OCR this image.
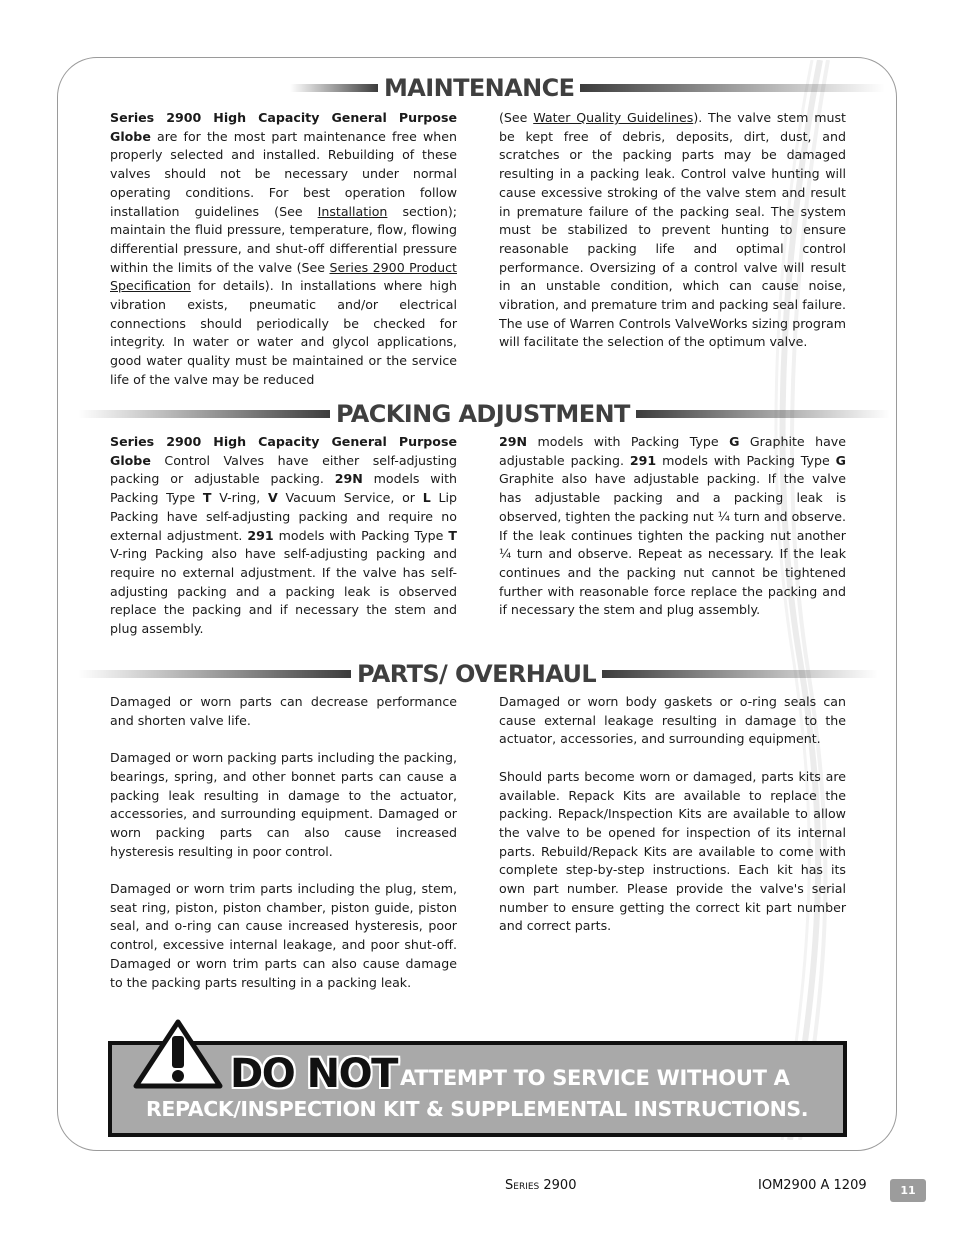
MAINTENANCE

Series 2900 High Capacity General Purpose Globe are for the most part maintenance free when properly selected and installed. Rebuilding of these valves should not be necessary under normal operating conditions. For best operation follow installation guidelines (See Installation section); maintain the fluid pressure, temperature, flow, flowing differential pressure, and shut-off differential pressure within the limits of the valve (See Series 2900 Product Specification for details). In installations where high vibration exists, pneumatic and/or electrical connections should periodically be checked for integrity. In water or water and glycol applications, good water quality must be maintained or the service life of the valve may be reduced

(See Water Quality Guidelines). The valve stem must be kept free of debris, deposits, dirt, dust, and scratches or the packing parts may be damaged resulting in a packing leak. Control valve hunting will cause excessive stroking of the valve stem and result in premature failure of the packing seal. The system must be stabilized to prevent hunting to ensure reasonable packing life and optimal control performance. Oversizing of a control valve will result in an unstable condition, which can cause noise, vibration, and premature trim and packing seal failure. The use of Warren Controls ValveWorks sizing program will facilitate the selection of the optimum valve.

PACKING ADJUSTMENT

Series 2900 High Capacity General Purpose Globe Control Valves have either self-adjusting packing or adjustable packing. 29N models with Packing Type T V-ring, V Vacuum Service, or L Lip Packing have self-adjusting packing and require no external adjustment. 291 models with Packing Type T V-ring Packing also have self-adjusting packing and require no external adjustment. If the valve has self-adjusting packing and a packing leak is observed replace the packing and if necessary the stem and plug assembly.

29N models with Packing Type G Graphite have adjustable packing. 291 models with Packing Type G Graphite also have adjustable packing. If the valve has adjustable packing and a packing leak is observed, tighten the packing nut ¼ turn and observe. If the leak continues tighten the packing nut another ¼ turn and observe. Repeat as necessary. If the leak continues and the packing nut cannot be tightened further with reasonable force replace the packing and if necessary the stem and plug assembly.

PARTS/ OVERHAUL

Damaged or worn parts can decrease performance and shorten valve life.

Damaged or worn packing parts including the packing, bearings, spring, and other bonnet parts can cause a packing leak resulting in damage to the actuator, accessories, and surrounding equipment. Damaged or worn packing parts can also cause increased hysteresis resulting in poor control.

Damaged or worn trim parts including the plug, stem, seat ring, piston, piston chamber, piston guide, piston seal, and o-ring can cause increased hysteresis, poor control, excessive internal leakage, and poor shut-off. Damaged or worn trim parts can also cause damage to the packing parts resulting in a packing leak.

Damaged or worn body gaskets or o-ring seals can cause external leakage resulting in damage to the actuator, accessories, and surrounding equipment.

Should parts become worn or damaged, parts kits are available. Repack Kits are available to replace the packing. Repack/Inspection Kits are available to allow the valve to be opened for inspection of its internal parts. Rebuild/Repack Kits are available to come with complete step-by-step instructions. Each kit has its own part number. Please provide the valve's serial number to ensure getting the correct kit part number and correct parts.

DO NOT ATTEMPT TO SERVICE WITHOUT A
REPACK/INSPECTION KIT & SUPPLEMENTAL INSTRUCTIONS.
Series 2900	IOM2900 A 1209	11
